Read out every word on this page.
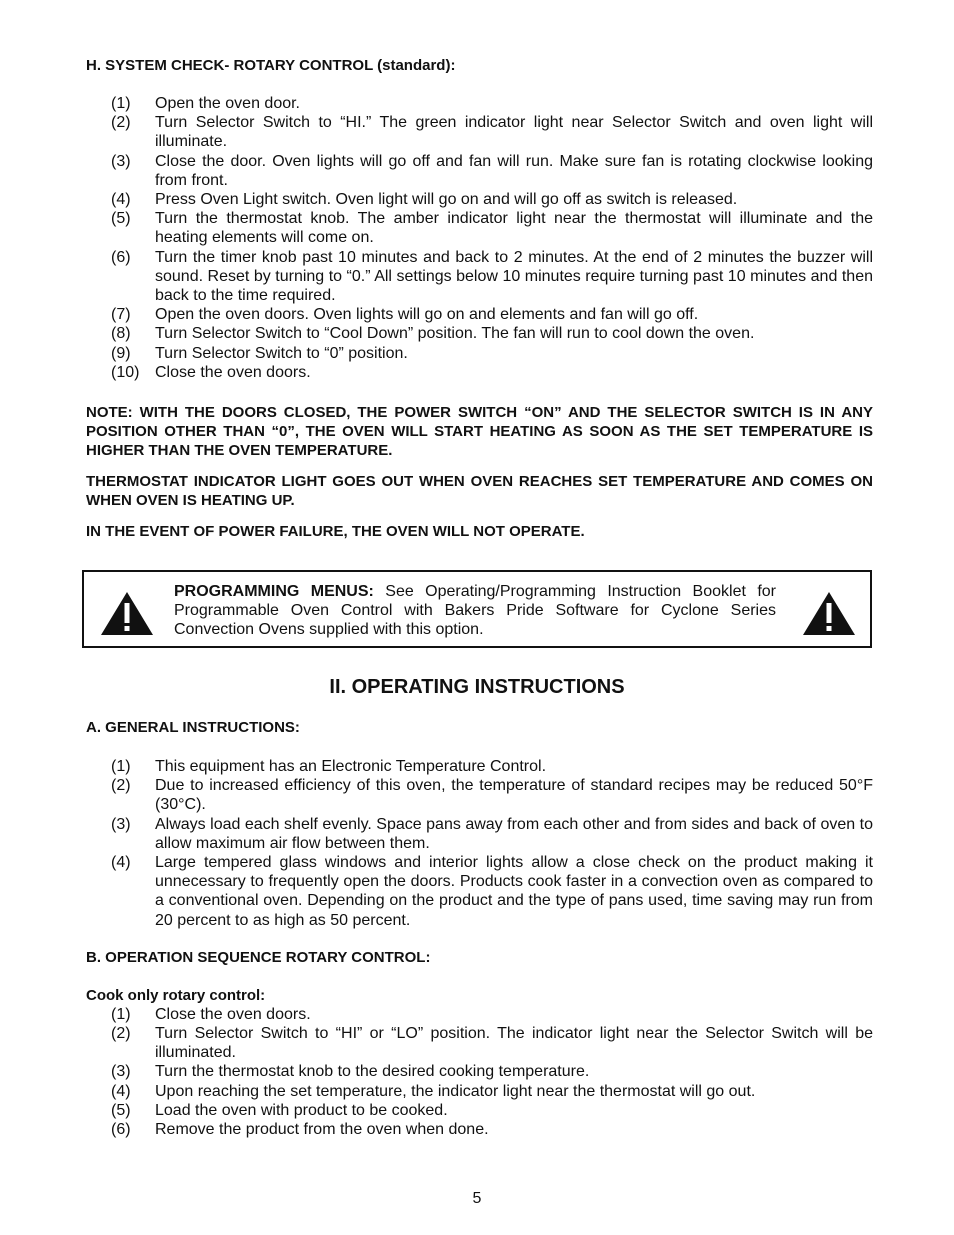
H. SYSTEM CHECK- ROTARY CONTROL (standard):

(1)	Open the oven door.
(2)	Turn Selector Switch to “HI.” The green indicator light near Selector Switch and oven light will illuminate.
(3)	Close the door. Oven lights will go off and fan will run. Make sure fan is rotating clockwise looking from front.
(4)	Press Oven Light switch. Oven light will go on and will go off as switch is released.
(5)	Turn the thermostat knob. The amber indicator light near the thermostat will illuminate and the heating elements will come on.
(6)	Turn the timer knob past 10 minutes and back to 2 minutes. At the end of 2 minutes the buzzer will sound. Reset by turning to “0.” All settings below 10 minutes require turning past 10 minutes and then back to the time required.
(7)	Open the oven doors. Oven lights will go on and elements and fan will go off.
(8)	Turn Selector Switch to “Cool Down” position. The fan will run to cool down the oven.
(9)	Turn Selector Switch to “0” position.
(10) Close the oven doors.

NOTE: WITH THE DOORS CLOSED, THE POWER SWITCH “ON” AND THE SELECTOR SWITCH IS IN ANY POSITION OTHER THAN “0”, THE OVEN WILL START HEATING AS SOON AS THE SET TEMPERATURE IS HIGHER THAN THE OVEN TEMPERATURE.

THERMOSTAT INDICATOR LIGHT GOES OUT WHEN OVEN REACHES SET TEMPERATURE AND COMES ON WHEN OVEN IS HEATING UP.

IN THE EVENT OF POWER FAILURE, THE OVEN WILL NOT OPERATE.

PROGRAMMING MENUS: See Operating/Programming Instruction Booklet for Programmable Oven Control with Bakers Pride Software for Cyclone Series Convection Ovens supplied with this option.
II. OPERATING INSTRUCTIONS

A. GENERAL INSTRUCTIONS:

(1)	This equipment has an Electronic Temperature Control.
(2)	Due to increased efficiency of this oven, the temperature of standard recipes may be reduced 50°F (30°C).
(3)	Always load each shelf evenly. Space pans away from each other and from sides and back of oven to allow maximum air flow between them.
(4)	Large tempered glass windows and interior lights allow a close check on the product making it unnecessary to frequently open the doors. Products cook faster in a convection oven as compared to a conventional oven. Depending on the product and the type of pans used, time saving may run from 20 percent to as high as 50 percent.

B. OPERATION SEQUENCE ROTARY CONTROL:

Cook only rotary control:

(1)	Close the oven doors.
(2)	Turn Selector Switch to “HI” or “LO” position. The indicator light near the Selector Switch will be illuminated.
(3)	Turn the thermostat knob to the desired cooking temperature.
(4)	Upon reaching the set temperature, the indicator light near the thermostat will go out.
(5)	Load the oven with product to be cooked.
(6)	Remove the product from the oven when done.
5
